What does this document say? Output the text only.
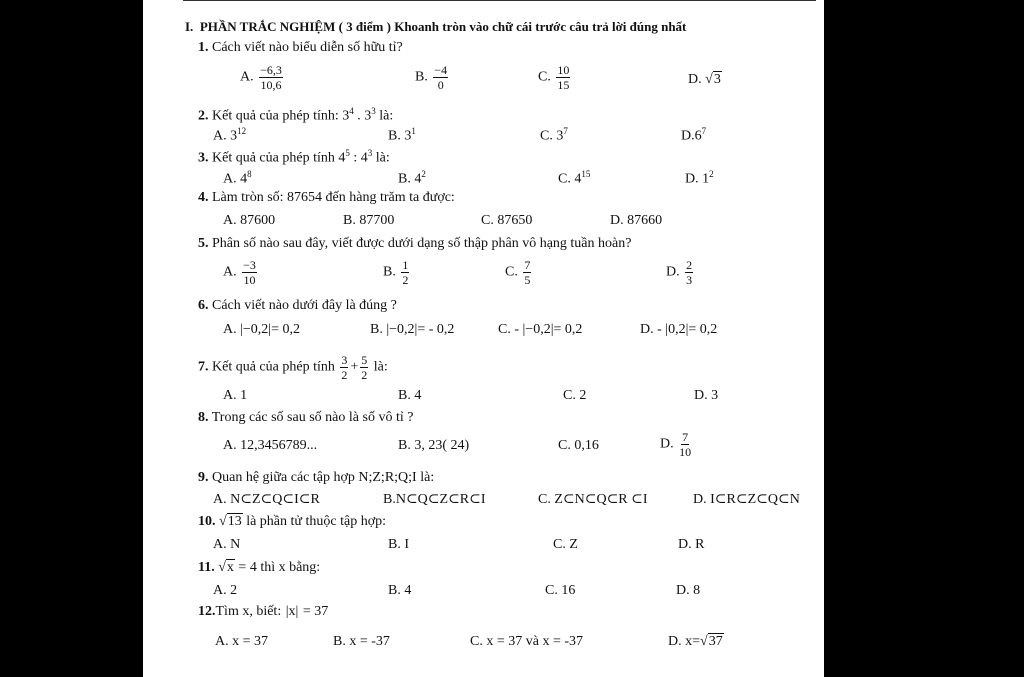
I. PHẦN TRẮC NGHIỆM ( 3 điểm ) Khoanh tròn vào chữ cái trước câu trả lời đúng nhất
1. Cách viết nào biểu diễn số hữu tỉ?
A. $\frac{-6,3}{10,6}$	B. $\frac{-4}{0}$	C. $\frac{10}{15}$	D. √3
2. Kết quả của phép tính: $3^4$ . $3^3$ là:
A. $3^{12}$	B. $3^1$	C. $3^7$	$D.6^7$
3. Kết quả của phép tính $4^5$ : $4^3$ là:
A. $4^8$	B. $4^2$	C. $4^{15}$	D. $1^2$
4. Làm tròn số: 87654 đến hàng trăm ta được:
A. 87600	B. 87700	C. 87650	D. 87660
5. Phân số nào sau đây, viết được dưới dạng số thập phân vô hạng tuần hoàn?
A. $\frac{-3}{10}$	B. $\frac{1}{2}$	C. $\frac{7}{5}$	D. $\frac{2}{3}$
6. Cách viết nào dưới đây là đúng ?
A. |−0,2|= 0,2	B. |−0,2|= - 0,2	C. - |−0,2|= 0,2	D. - |0,2|= 0,2
7. Kết quả của phép tính $\frac{3}{2} + \frac{5}{2}$ là:
A. 1	B. 4	C. 2	D. 3
8. Trong các số sau số nào là số vô tỉ ?
A. 12,3456789...	B. 3, 23( 24)	C. 0,16	D. $\frac{7}{10}$
9. Quan hệ giữa các tập hợp N;Z;R;Q;I là:
A. N⊂Z⊂Q⊂I⊂R	B.N⊂Q⊂Z⊂R⊂I	C. Z⊂N⊂Q⊂R ⊂I	D. I⊂R⊂Z⊂Q⊂N
10. √13 là phần tử thuộc tập hợp:
A. N	B. I	C. Z	D. R
11. √x = 4 thì x bằng:
A. 2	B. 4	C. 16	D. 8
12.Tìm x, biết: |x| = 37
A. x = 37	B. x = -37	C. x = 37 và x = -37	D. x=√37
